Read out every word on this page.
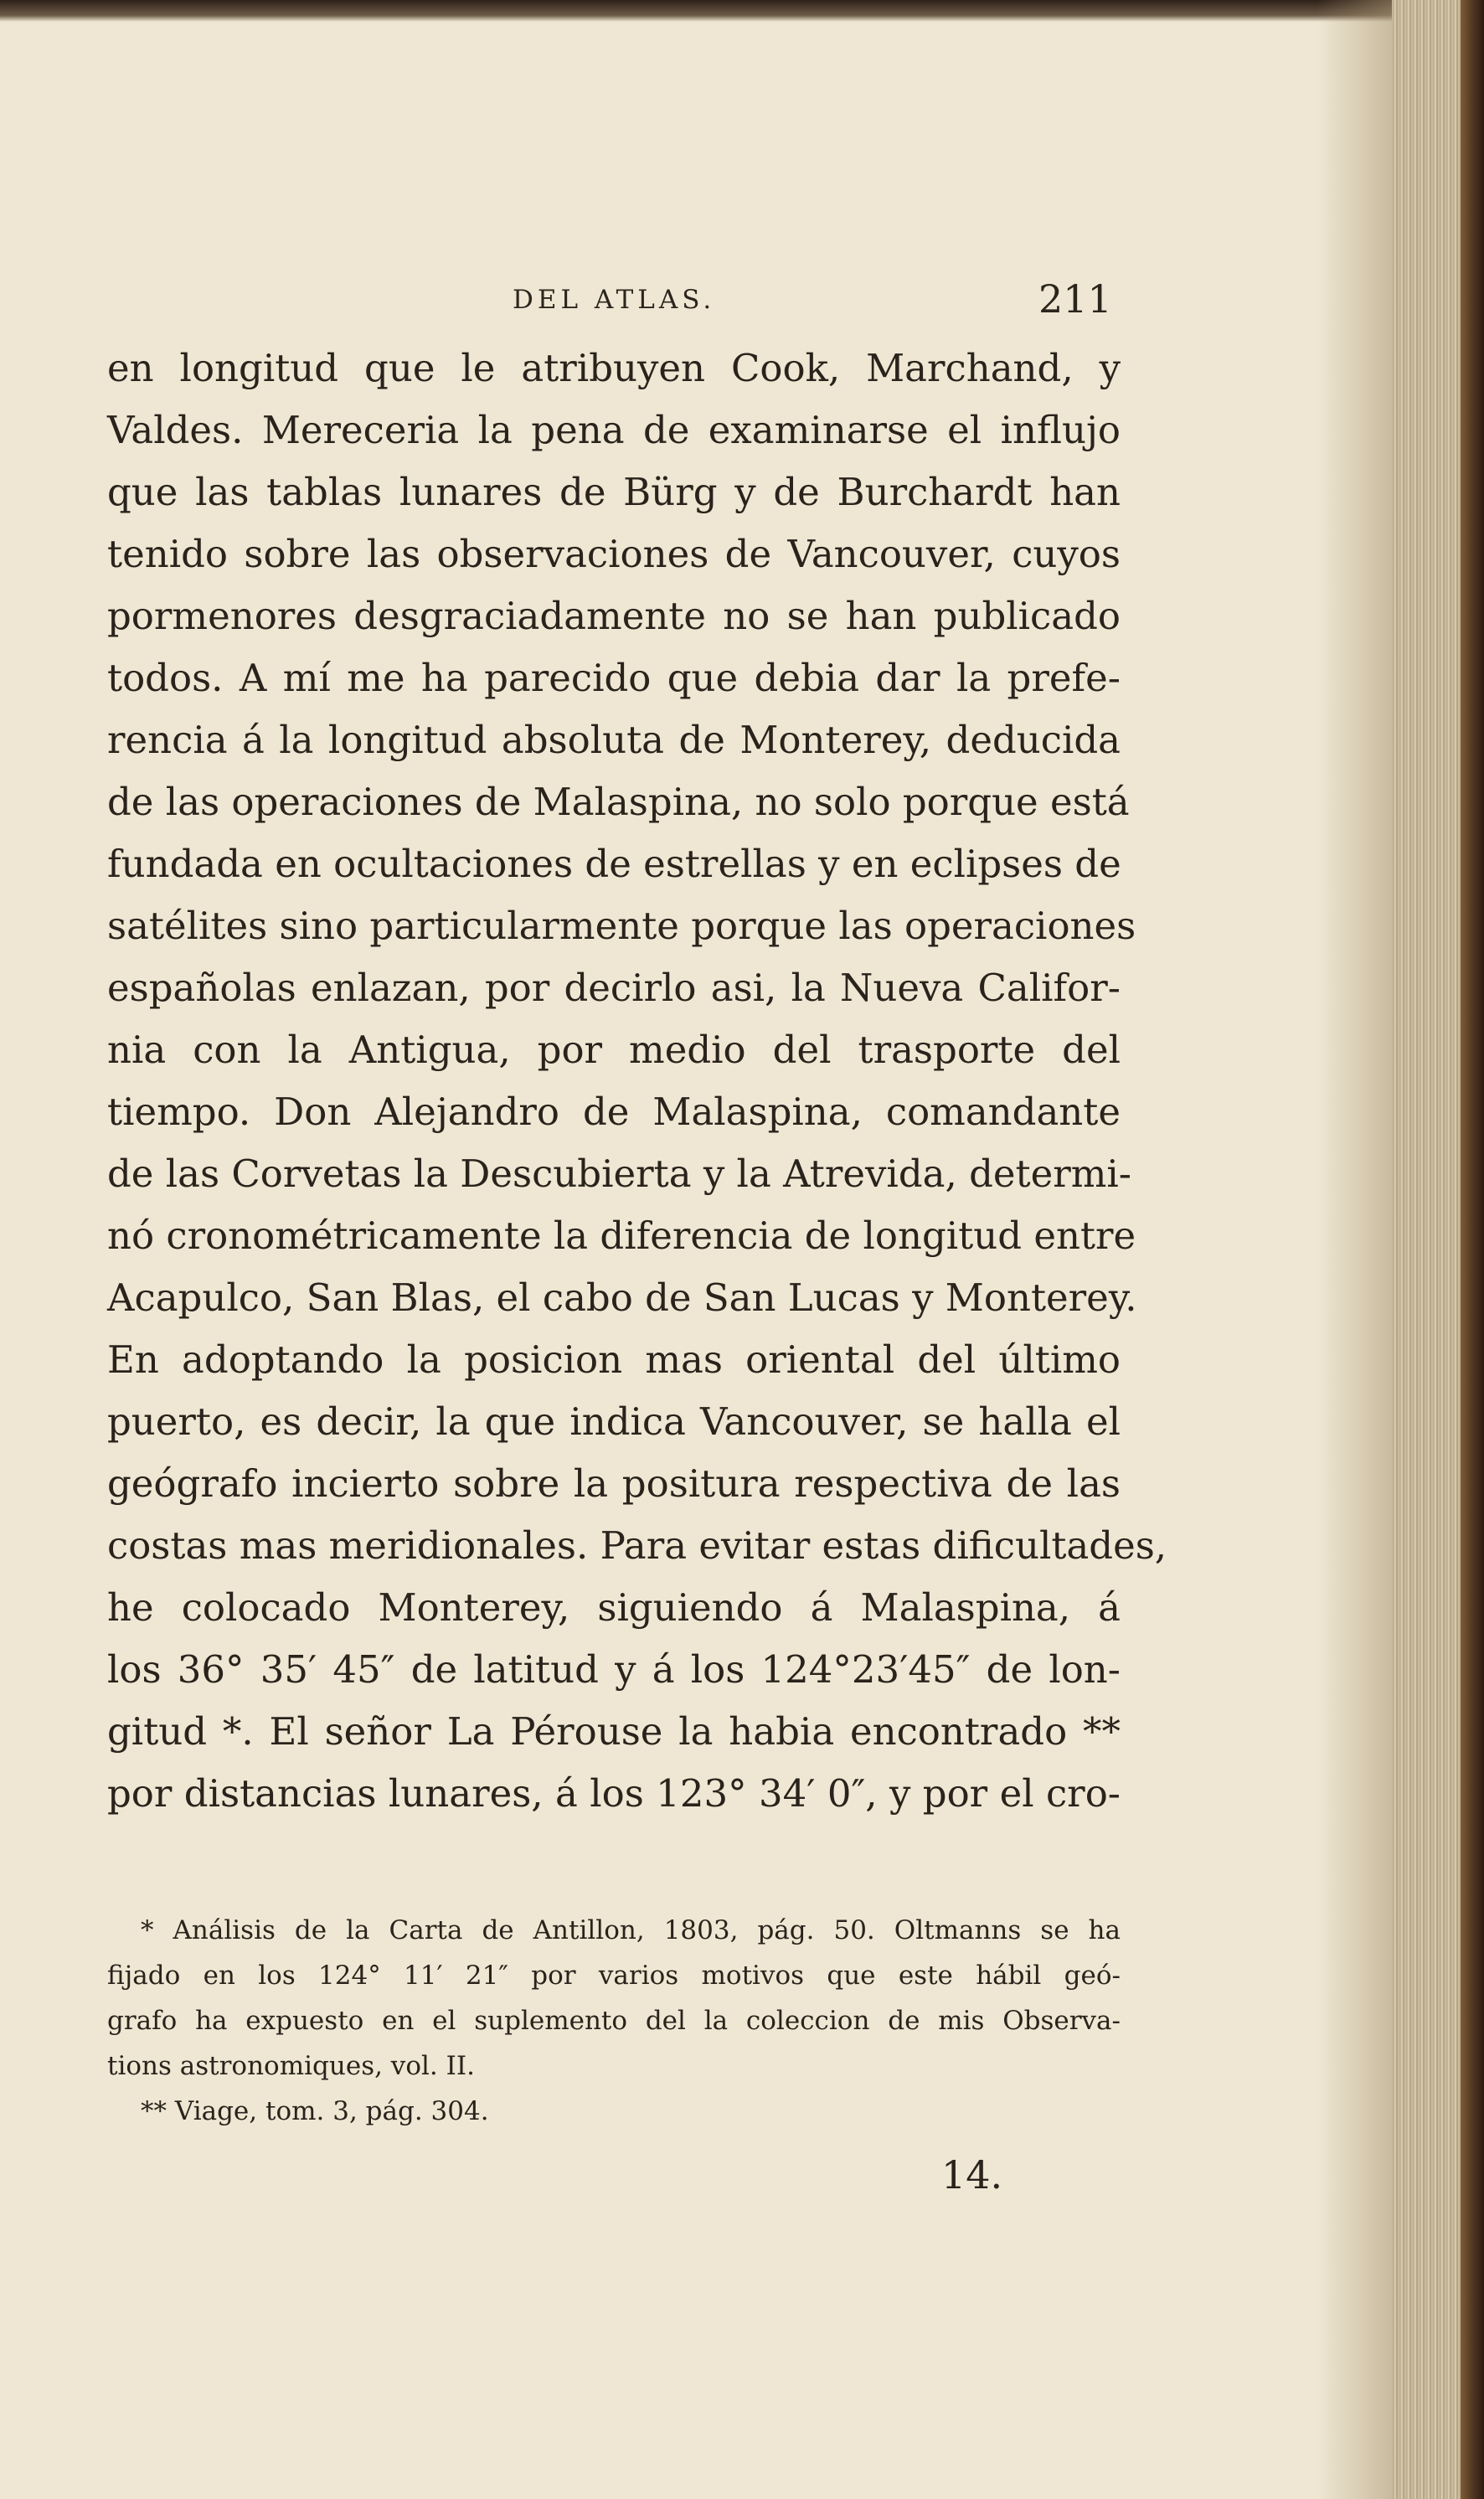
DEL ATLAS.	211
en longitud que le atribuyen Cook, Marchand, y
Valdes. Mereceria la pena de examinarse el influjo
que las tablas lunares de Bürg y de Burchardt han
tenido sobre las observaciones de Vancouver, cuyos
pormenores desgraciadamente no se han publicado
todos. A mí me ha parecido que debia dar la prefe-
rencia á la longitud absoluta de Monterey, deducida
de las operaciones de Malaspina, no solo porque está
fundada en ocultaciones de estrellas y en eclipses de
satélites sino particularmente porque las operaciones
españolas enlazan, por decirlo asi, la Nueva Califor-
nia con la Antigua, por medio del trasporte del
tiempo. Don Alejandro de Malaspina, comandante
de las Corvetas la Descubierta y la Atrevida, determi-
nó cronométricamente la diferencia de longitud entre
Acapulco, San Blas, el cabo de San Lucas y Monterey.
En adoptando la posicion mas oriental del último
puerto, es decir, la que indica Vancouver, se halla el
geógrafo incierto sobre la positura respectiva de las
costas mas meridionales. Para evitar estas dificultades,
he colocado Monterey, siguiendo á Malaspina, á
los 36° 35′ 45″ de latitud y á los 124°23′45″ de lon-
gitud *. El señor La Pérouse la habia encontrado **
por distancias lunares, á los 123° 34′ 0″, y por el cro-
* Análisis de la Carta de Antillon, 1803, pág. 50. Oltmanns se ha
fijado en los 124° 11′ 21″ por varios motivos que este hábil geó-
grafo ha expuesto en el suplemento del la coleccion de mis Observa-
tions astronomiques, vol. II.
** Viage, tom. 3, pág. 304.
14.
